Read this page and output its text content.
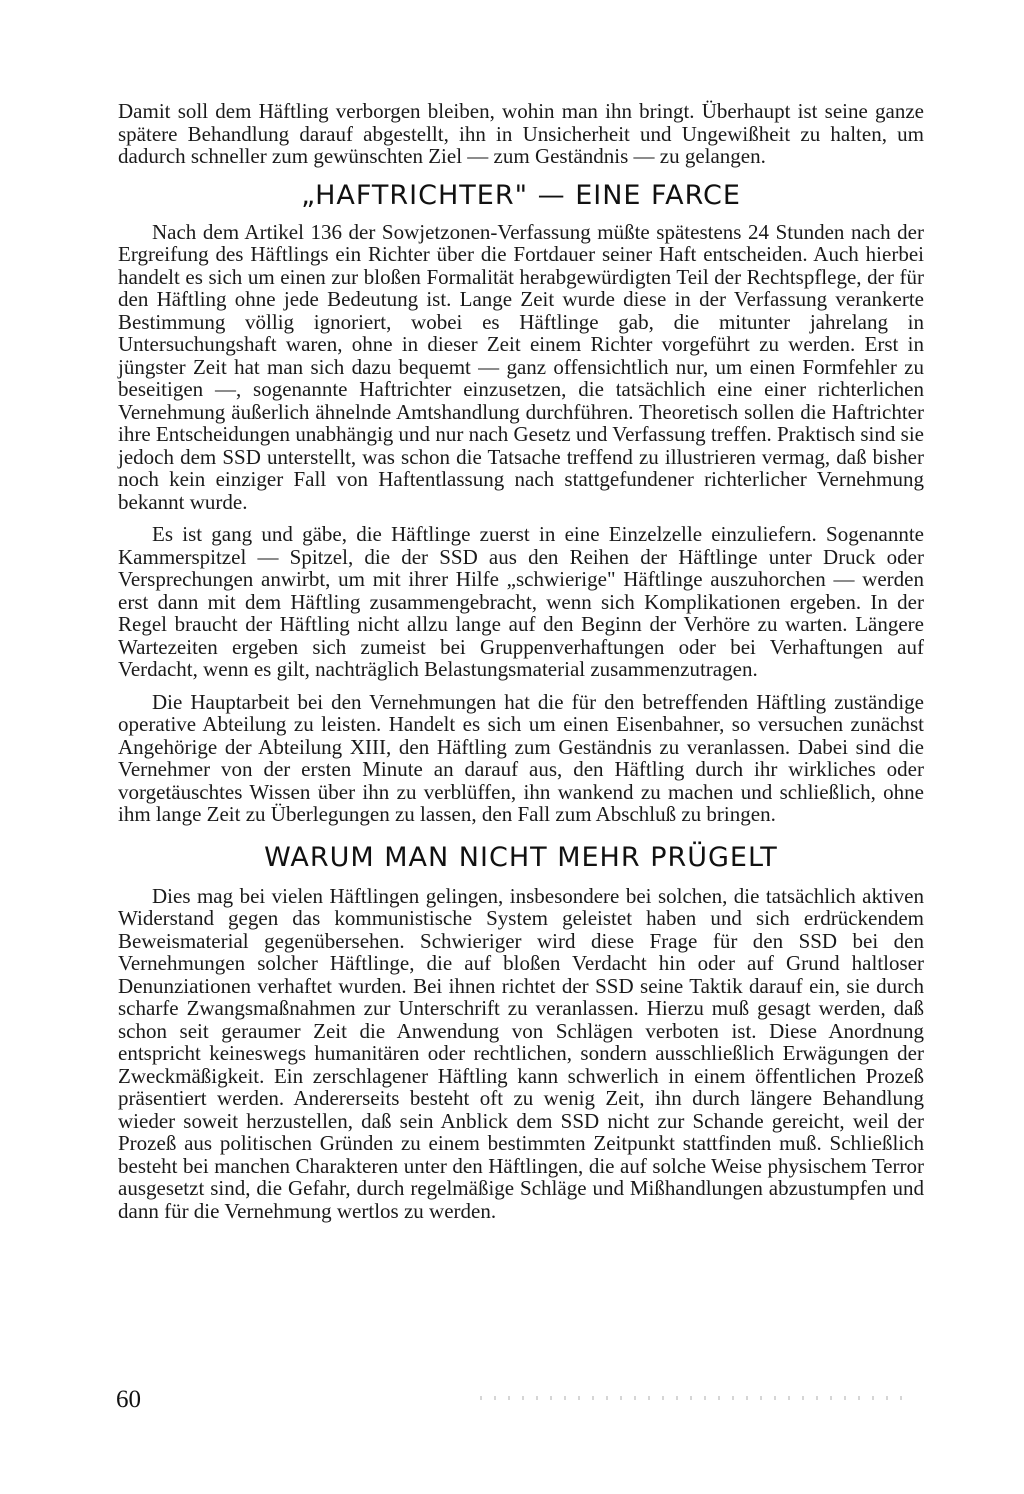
Damit soll dem Häftling verborgen bleiben, wohin man ihn bringt. Überhaupt ist seine ganze spätere Behandlung darauf abgestellt, ihn in Unsicherheit und Ungewißheit zu halten, um dadurch schneller zum gewünschten Ziel — zum Geständnis — zu gelangen.

„HAFTRICHTER" — EINE FARCE

Nach dem Artikel 136 der Sowjetzonen-Verfassung müßte spätestens 24 Stunden nach der Ergreifung des Häftlings ein Richter über die Fortdauer seiner Haft entscheiden. Auch hierbei handelt es sich um einen zur bloßen Formalität herabgewürdigten Teil der Rechtspflege, der für den Häftling ohne jede Bedeutung ist. Lange Zeit wurde diese in der Verfassung verankerte Bestimmung völlig ignoriert, wobei es Häftlinge gab, die mitunter jahrelang in Untersuchungshaft waren, ohne in dieser Zeit einem Richter vorgeführt zu werden. Erst in jüngster Zeit hat man sich dazu bequemt — ganz offensichtlich nur, um einen Formfehler zu beseitigen —, sogenannte Haftrichter einzusetzen, die tatsächlich eine einer richterlichen Vernehmung äußerlich ähnelnde Amtshandlung durchführen. Theoretisch sollen die Haftrichter ihre Entscheidungen unabhängig und nur nach Gesetz und Verfassung treffen. Praktisch sind sie jedoch dem SSD unterstellt, was schon die Tatsache treffend zu illustrieren vermag, daß bisher noch kein einziger Fall von Haftentlassung nach stattgefundener richterlicher Vernehmung bekannt wurde.

Es ist gang und gäbe, die Häftlinge zuerst in eine Einzelzelle einzuliefern. Sogenannte Kammerspitzel — Spitzel, die der SSD aus den Reihen der Häftlinge unter Druck oder Versprechungen anwirbt, um mit ihrer Hilfe „schwierige" Häftlinge auszuhorchen — werden erst dann mit dem Häftling zusammengebracht, wenn sich Komplikationen ergeben. In der Regel braucht der Häftling nicht allzu lange auf den Beginn der Verhöre zu warten. Längere Wartezeiten ergeben sich zumeist bei Gruppenverhaftungen oder bei Verhaftungen auf Verdacht, wenn es gilt, nachträglich Belastungsmaterial zusammenzutragen.

Die Hauptarbeit bei den Vernehmungen hat die für den betreffenden Häftling zuständige operative Abteilung zu leisten. Handelt es sich um einen Eisenbahner, so versuchen zunächst Angehörige der Abteilung XIII, den Häftling zum Geständnis zu veranlassen. Dabei sind die Vernehmer von der ersten Minute an darauf aus, den Häftling durch ihr wirkliches oder vorgetäuschtes Wissen über ihn zu verblüffen, ihn wankend zu machen und schließlich, ohne ihm lange Zeit zu Überlegungen zu lassen, den Fall zum Abschluß zu bringen.

WARUM MAN NICHT MEHR PRÜGELT

Dies mag bei vielen Häftlingen gelingen, insbesondere bei solchen, die tatsächlich aktiven Widerstand gegen das kommunistische System geleistet haben und sich erdrückendem Beweismaterial gegenübersehen. Schwieriger wird diese Frage für den SSD bei den Vernehmungen solcher Häftlinge, die auf bloßen Verdacht hin oder auf Grund haltloser Denunziationen verhaftet wurden. Bei ihnen richtet der SSD seine Taktik darauf ein, sie durch scharfe Zwangsmaßnahmen zur Unterschrift zu veranlassen. Hierzu muß gesagt werden, daß schon seit geraumer Zeit die Anwendung von Schlägen verboten ist. Diese Anordnung entspricht keineswegs humanitären oder rechtlichen, sondern ausschließlich Erwägungen der Zweckmäßigkeit. Ein zerschlagener Häftling kann schwerlich in einem öffentlichen Prozeß präsentiert werden. Andererseits besteht oft zu wenig Zeit, ihn durch längere Behandlung wieder soweit herzustellen, daß sein Anblick dem SSD nicht zur Schande gereicht, weil der Prozeß aus politischen Gründen zu einem bestimmten Zeitpunkt stattfinden muß. Schließlich besteht bei manchen Charakteren unter den Häftlingen, die auf solche Weise physischem Terror ausgesetzt sind, die Gefahr, durch regelmäßige Schläge und Mißhandlungen abzustumpfen und dann für die Vernehmung wertlos zu werden.

60
